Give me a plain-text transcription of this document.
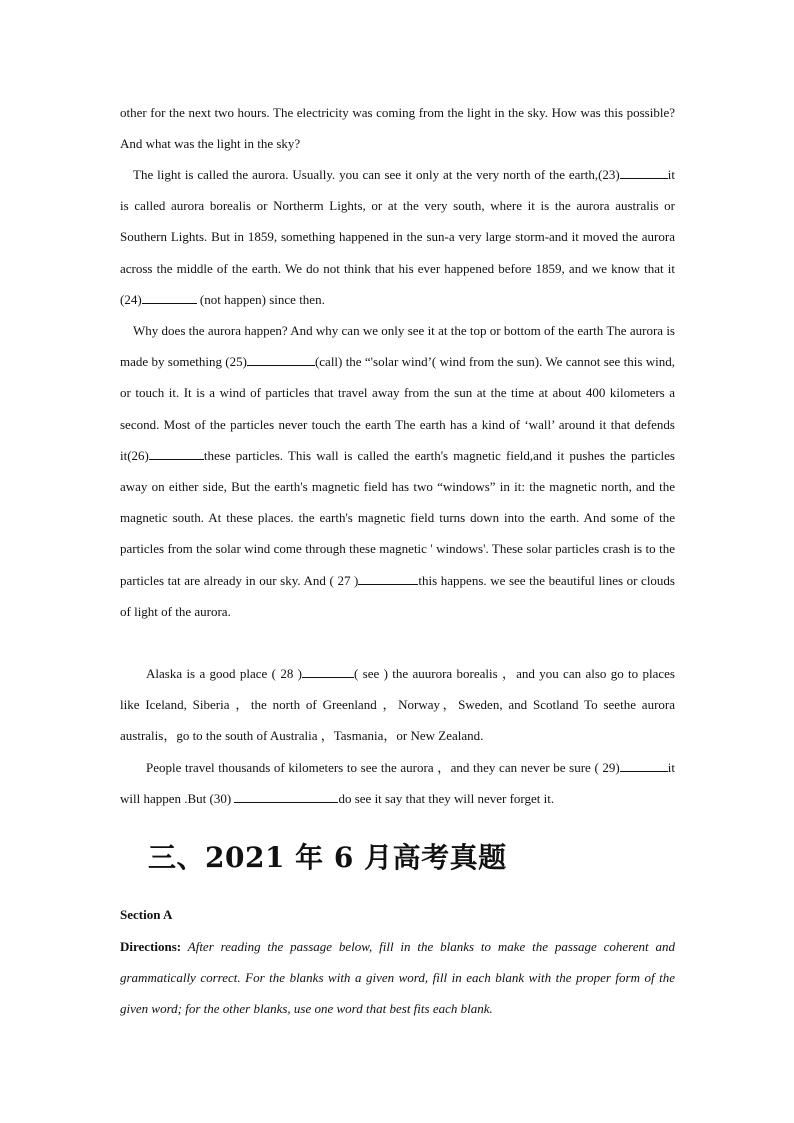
other for the next two hours. The electricity was coming from the light in the sky. How was this possible? And what was the light in the sky?

The light is called the aurora. Usually. you can see it only at the very north of the earth,(23)	it is called aurora borealis or Northerm Lights, or at the very south, where it is the aurora australis or Southern Lights. But in 1859, something happened in the sun-a very large storm-and it moved the aurora across the middle of the earth. We do not think that his ever happened before 1859, and we know that it (24)	(not happen) since then.

Why does the aurora happen? And why can we only see it at the top or bottom of the earth The aurora is made by something (25)	(call) the “'solar wind’( wind from the sun). We cannot see this wind, or touch it. It is a wind of particles that travel away from the sun at the time at about 400 kilometers a second. Most of the particles never touch the earth The earth has a kind of ‘wall’ around it that defends it(26)	these particles. This wall is called the earth's magnetic field,and it pushes the particles away on either side, But the earth's magnetic field has two “windows” in it: the magnetic north, and the magnetic south. At these places. the earth's magnetic field turns down into the earth. And some of the particles from the solar wind come through these magnetic ' windows'. These solar particles crash is to the particles tat are already in our sky. And ( 27 )	this happens. we see the beautiful lines or clouds of light of the aurora.

Alaska is a good place ( 28 )	( see ) the auurora borealis ，and you can also go to places like Iceland, Siberia ，the north of Greenland ，Norway，Sweden, and Scotland To seethe aurora australis，go to the south of Australia ，Tasmania，or New Zealand.

People travel thousands of kilometers to see the aurora ，and they can never be sure ( 29)	it will happen .But (30)	do see it say that they will never forget it.

三、2021 年 6 月高考真题
Section A

Directions: After reading the passage below, fill in the blanks to make the passage coherent and grammatically correct. For the blanks with a given word, fill in each blank with the proper form of the given word; for the other blanks, use one word that best fits each blank.
